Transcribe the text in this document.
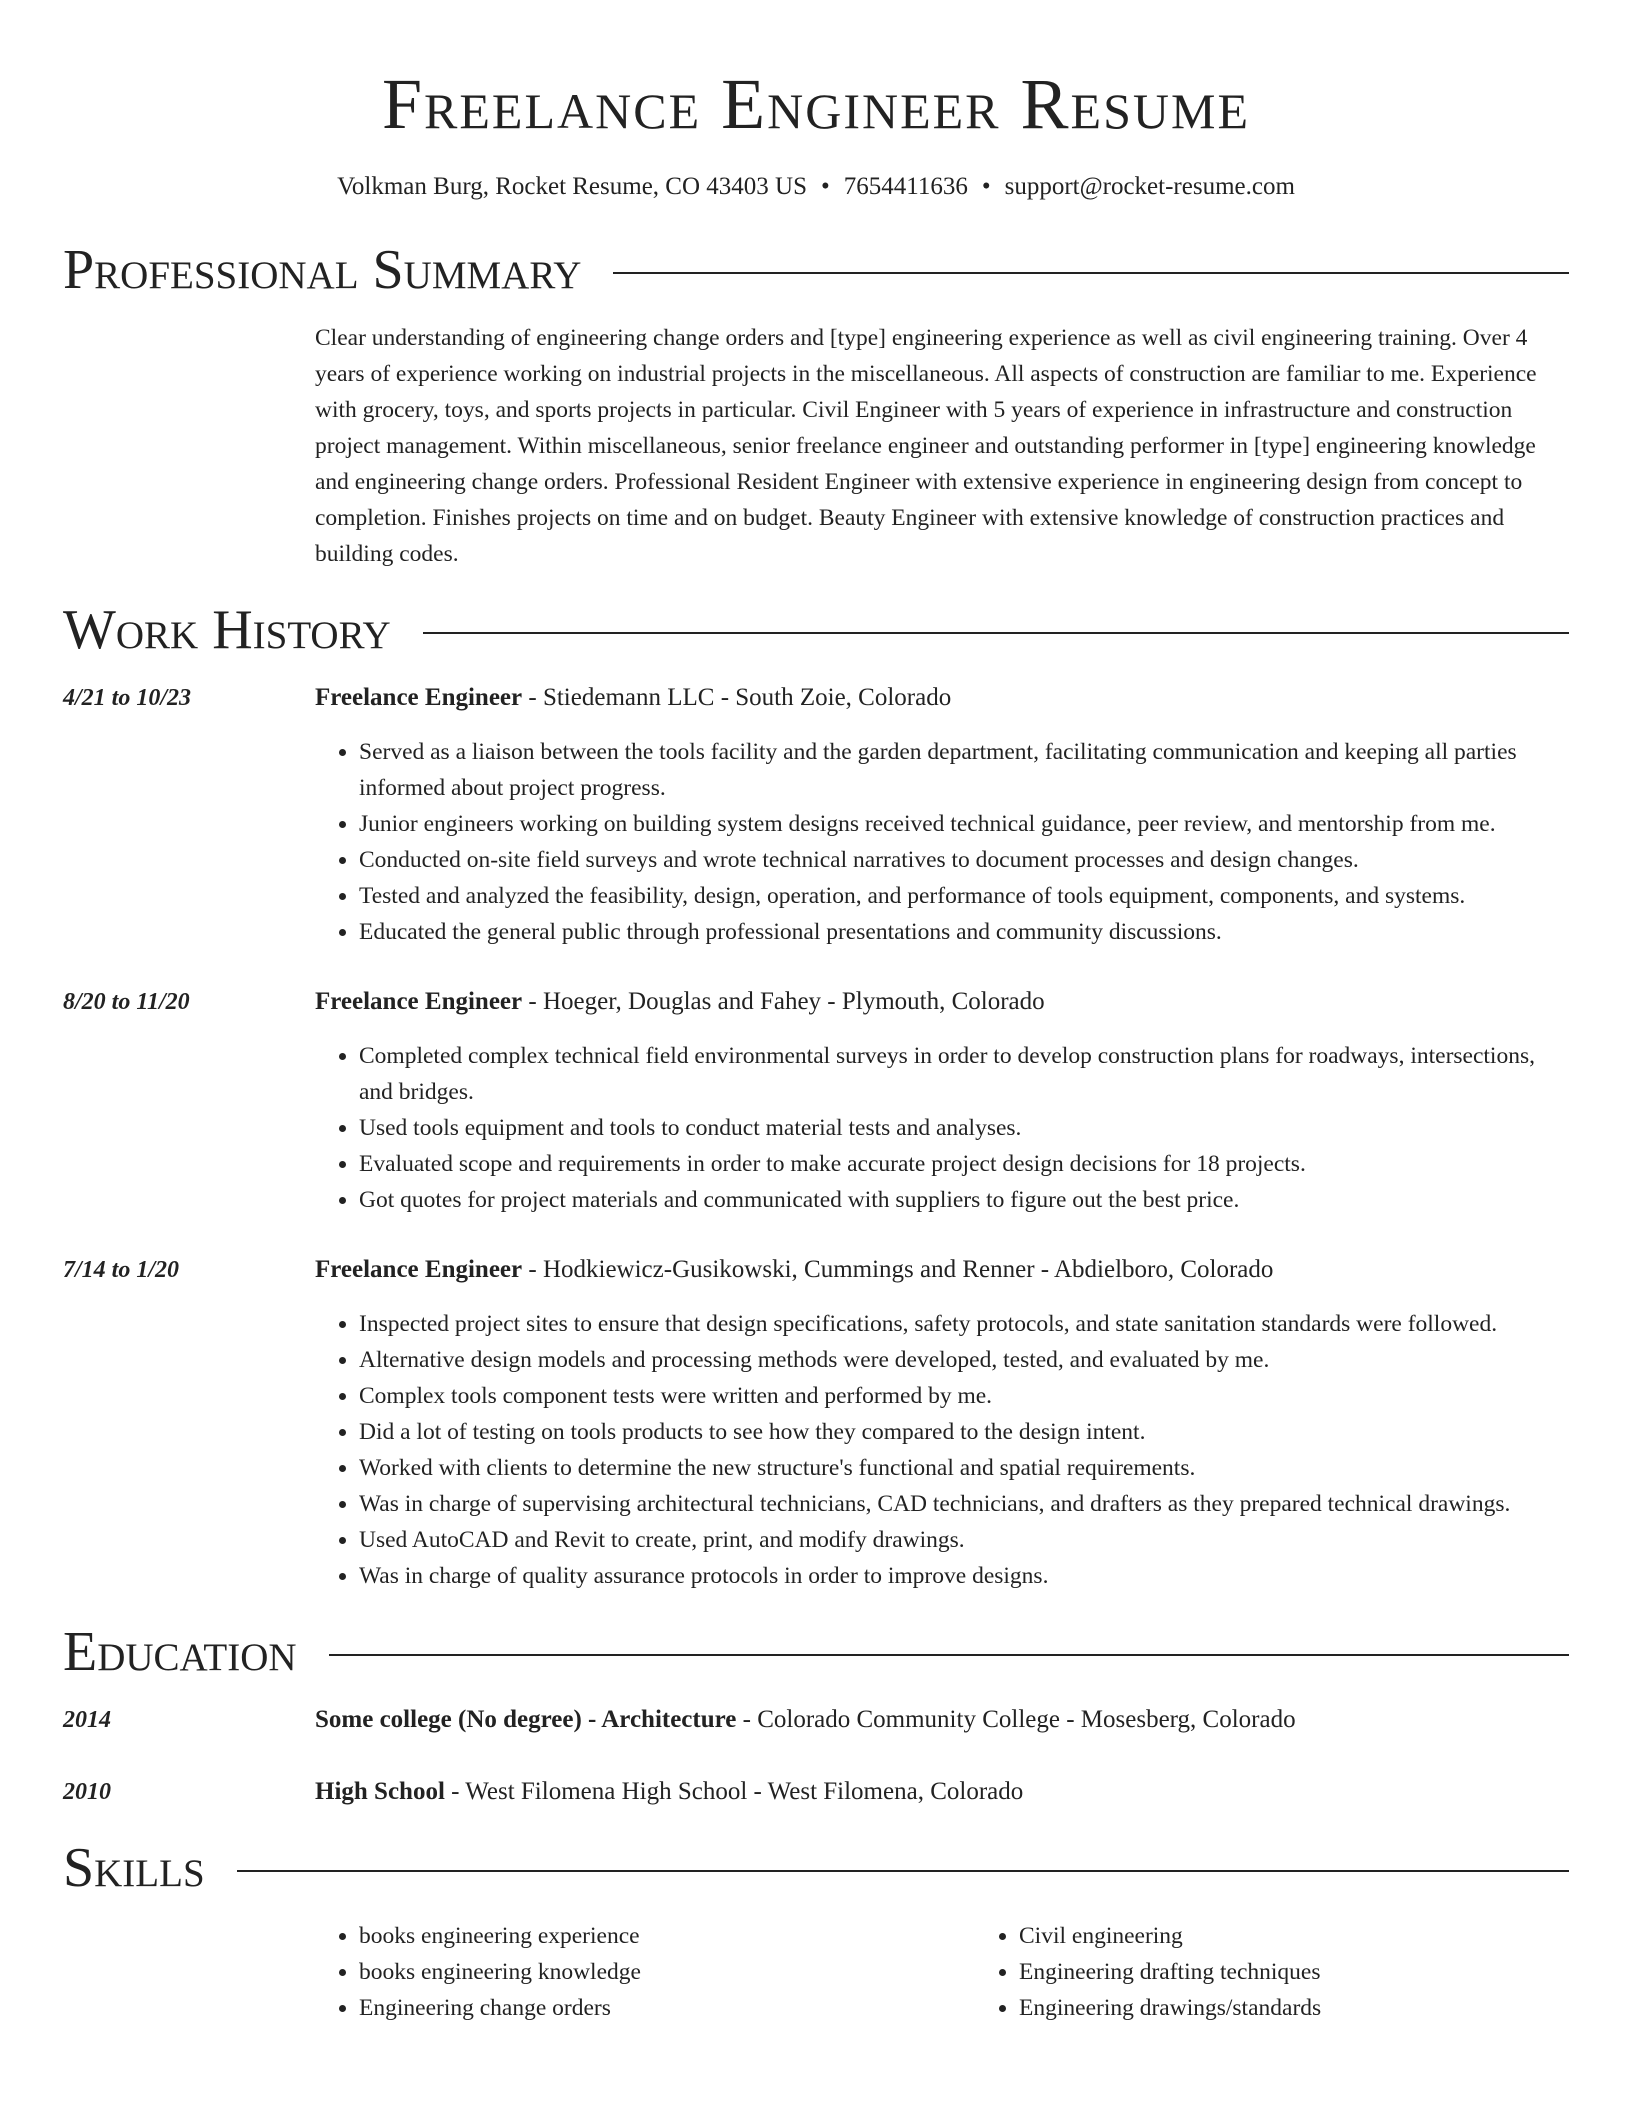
Freelance Engineer Resume
Volkman Burg, Rocket Resume, CO 43403 US • 7654411636 • support@rocket-resume.com
Professional Summary

Clear understanding of engineering change orders and [type] engineering experience as well as civil engineering training. Over 4 years of experience working on industrial projects in the miscellaneous. All aspects of construction are familiar to me. Experience with grocery, toys, and sports projects in particular. Civil Engineer with 5 years of experience in infrastructure and construction project management. Within miscellaneous, senior freelance engineer and outstanding performer in [type] engineering knowledge and engineering change orders. Professional Resident Engineer with extensive experience in engineering design from concept to completion. Finishes projects on time and on budget. Beauty Engineer with extensive knowledge of construction practices and building codes.

Work History
4/21 to 10/23	Freelance Engineer - Stiedemann LLC - South Zoie, Colorado
• Served as a liaison between the tools facility and the garden department, facilitating communication and keeping all parties informed about project progress.
• Junior engineers working on building system designs received technical guidance, peer review, and mentorship from me.
• Conducted on-site field surveys and wrote technical narratives to document processes and design changes.
• Tested and analyzed the feasibility, design, operation, and performance of tools equipment, components, and systems.
• Educated the general public through professional presentations and community discussions.
8/20 to 11/20	Freelance Engineer - Hoeger, Douglas and Fahey - Plymouth, Colorado
• Completed complex technical field environmental surveys in order to develop construction plans for roadways, intersections, and bridges.
• Used tools equipment and tools to conduct material tests and analyses.
• Evaluated scope and requirements in order to make accurate project design decisions for 18 projects.
• Got quotes for project materials and communicated with suppliers to figure out the best price.
7/14 to 1/20	Freelance Engineer - Hodkiewicz-Gusikowski, Cummings and Renner - Abdielboro, Colorado
• Inspected project sites to ensure that design specifications, safety protocols, and state sanitation standards were followed.
• Alternative design models and processing methods were developed, tested, and evaluated by me.
• Complex tools component tests were written and performed by me.
• Did a lot of testing on tools products to see how they compared to the design intent.
• Worked with clients to determine the new structure's functional and spatial requirements.
• Was in charge of supervising architectural technicians, CAD technicians, and drafters as they prepared technical drawings.
• Used AutoCAD and Revit to create, print, and modify drawings.
• Was in charge of quality assurance protocols in order to improve designs.
Education
2014	Some college (No degree) - Architecture - Colorado Community College - Mosesberg, Colorado
2010	High School - West Filomena High School - West Filomena, Colorado
Skills
• books engineering experience
• books engineering knowledge
• Engineering change orders
• Civil engineering
• Engineering drafting techniques
• Engineering drawings/standards
